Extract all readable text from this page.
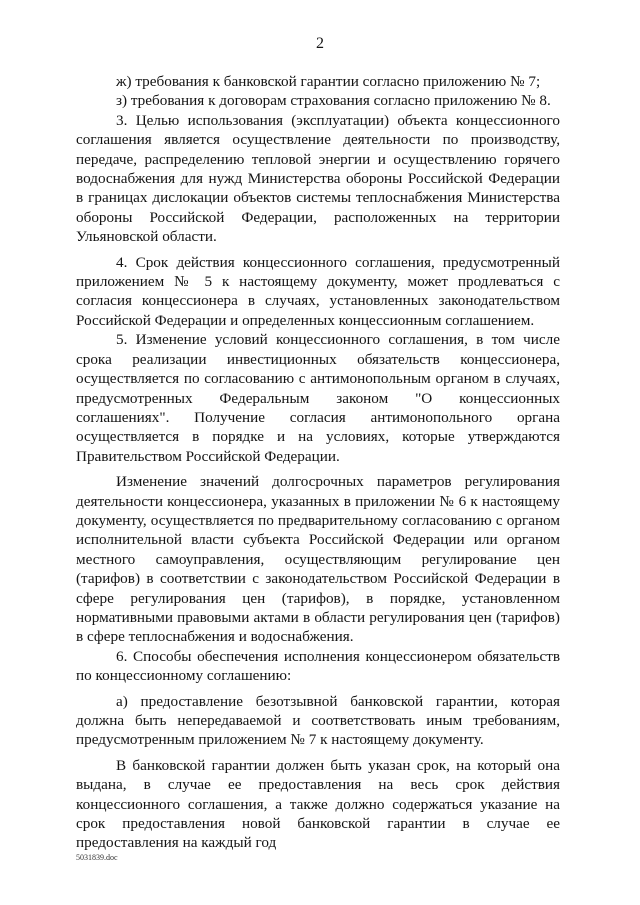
2

ж) требования к банковской гарантии согласно приложению № 7;

з) требования к договорам страхования согласно приложению № 8.

3. Целью использования (эксплуатации) объекта концессионного соглашения является осуществление деятельности по производству, передаче, распределению тепловой энергии и осуществлению горячего водоснабжения для нужд Министерства обороны Российской Федерации в границах дислокации объектов системы теплоснабжения Министерства обороны Российской Федерации, расположенных на территории Ульяновской области.

4. Срок действия концессионного соглашения, предусмотренный приложением № 5 к настоящему документу, может продлеваться с согласия концессионера в случаях, установленных законодательством Российской Федерации и определенных концессионным соглашением.

5. Изменение условий концессионного соглашения, в том числе срока реализации инвестиционных обязательств концессионера, осуществляется по согласованию с антимонопольным органом в случаях, предусмотренных Федеральным законом "О концессионных соглашениях". Получение согласия антимонопольного органа осуществляется в порядке и на условиях, которые утверждаются Правительством Российской Федерации.

Изменение значений долгосрочных параметров регулирования деятельности концессионера, указанных в приложении № 6 к настоящему документу, осуществляется по предварительному согласованию с органом исполнительной власти субъекта Российской Федерации или органом местного самоуправления, осуществляющим регулирование цен (тарифов) в соответствии с законодательством Российской Федерации в сфере регулирования цен (тарифов), в порядке, установленном нормативными правовыми актами в области регулирования цен (тарифов) в сфере теплоснабжения и водоснабжения.

6. Способы обеспечения исполнения концессионером обязательств по концессионному соглашению:

а) предоставление безотзывной банковской гарантии, которая должна быть непередаваемой и соответствовать иным требованиям, предусмотренным приложением № 7 к настоящему документу.

В банковской гарантии должен быть указан срок, на который она выдана, в случае ее предоставления на весь срок действия концессионного соглашения, а также должно содержаться указание на срок предоставления новой банковской гарантии в случае ее предоставления на каждый год

5031839.doc
